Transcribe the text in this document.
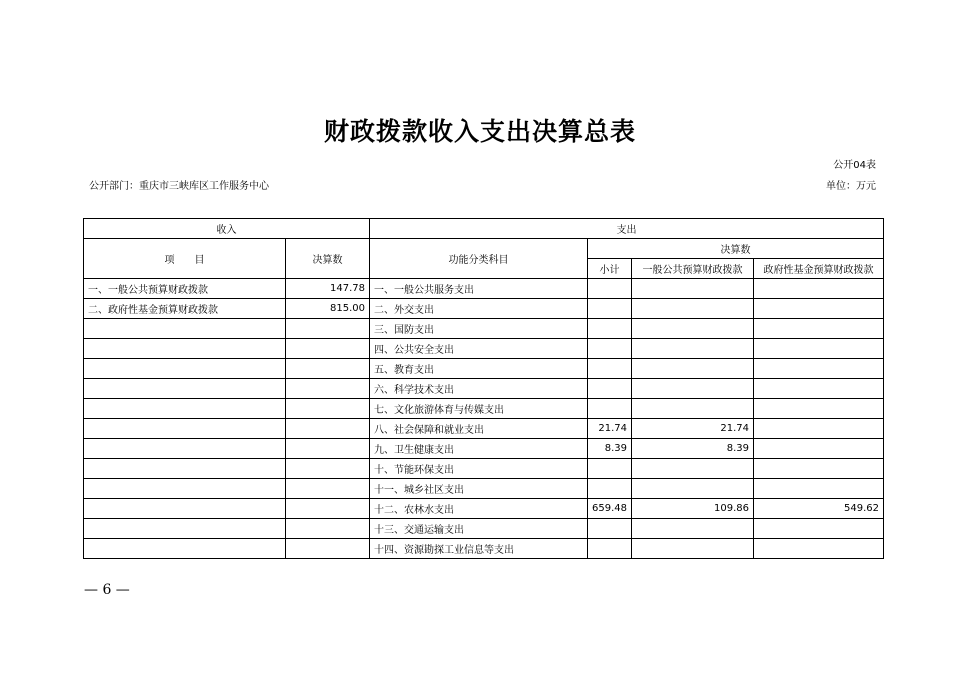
财政拨款收入支出决算总表
公开04表
公开部门：重庆市三峡库区工作服务中心	单位：万元
收入		支出			
项　　目	决算数	功能分类科目	决算数		
			小计	一般公共预算财政拨款	政府性基金预算财政拨款
一、一般公共预算财政拨款	147.78	一、一般公共服务支出			
二、政府性基金预算财政拨款	815.00	二、外交支出			
		三、国防支出			
		四、公共安全支出			
		五、教育支出			
		六、科学技术支出			
		七、文化旅游体育与传媒支出			
		八、社会保障和就业支出	21.74	21.74	
		九、卫生健康支出	8.39	8.39	
		十、节能环保支出			
		十一、城乡社区支出			
		十二、农林水支出	659.48	109.86	549.62
		十三、交通运输支出			
		十四、资源勘探工业信息等支出			
— 6 —
